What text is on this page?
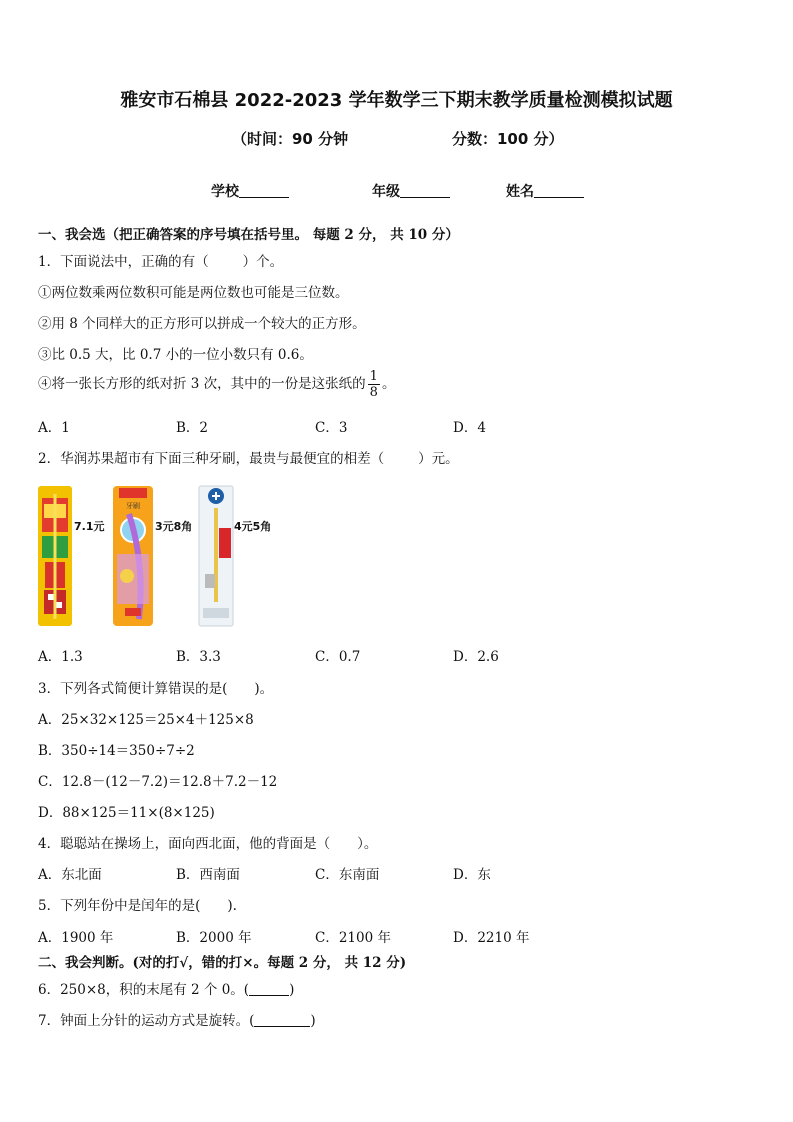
雅安市石棉县 2022-2023 学年数学三下期末教学质量检测模拟试题
（时间：90 分钟	分数：100 分）
学校	年级	姓名
一、我会选（把正确答案的序号填在括号里。 每题 2 分， 共 10 分）
1．下面说法中，正确的有（	）个。
①两位数乘两位数积可能是两位数也可能是三位数。
②用 8 个同样大的正方形可以拼成一个较大的正方形。
③比 0.5 大，比 0.7 小的一位小数只有 0.6。
④将一张长方形的纸对折 3 次，其中的一份是这张纸的 $\frac{1}{8}$ 。
A．1	B．2	C．3	D．4
2．华润苏果超市有下面三种牙刷，最贵与最便宜的相差（	）元。
7.1元
牙刷
3元8角	4元5角
A．1.3	B．3.3	C．0.7	D．2.6
3．下列各式简便计算错误的是(　　)。
A．25×32×125＝25×4＋125×8
B．350÷14＝350÷7÷2
C．12.8－(12－7.2)＝12.8＋7.2－12
D．88×125＝11×(8×125)
4．聪聪站在操场上，面向西北面，他的背面是（　　）。
A．东北面	B．西南面	C．东南面	D．东
5．下列年份中是闰年的是(　　).
A．1900 年	B．2000 年	C．2100 年	D．2210 年
二、我会判断。(对的打√，错的打×。每题 2 分， 共 12 分)
6．250×8，积的末尾有 2 个 0。(	)
7．钟面上分针的运动方式是旋转。(	)
